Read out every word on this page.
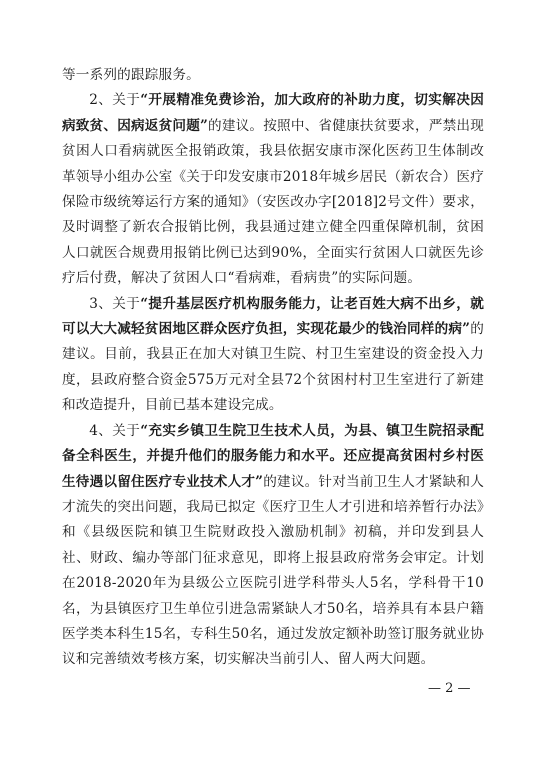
等一系列的跟踪服务。

2、关于“开展精准免费诊治，加大政府的补助力度，切实解决因病致贫、因病返贫问题”的建议。按照中、省健康扶贫要求，严禁出现贫困人口看病就医全报销政策，我县依据安康市深化医药卫生体制改革领导小组办公室《关于印发安康市2018年城乡居民（新农合）医疗保险市级统筹运行方案的通知》（安医改办字[2018]2号文件）要求，及时调整了新农合报销比例，我县通过建立健全四重保障机制，贫困人口就医合规费用报销比例已达到90%，全面实行贫困人口就医先诊疗后付费，解决了贫困人口“看病难，看病贵”的实际问题。

3、关于“提升基层医疗机构服务能力，让老百姓大病不出乡，就可以大大减轻贫困地区群众医疗负担，实现花最少的钱治同样的病”的建议。目前，我县正在加大对镇卫生院、村卫生室建设的资金投入力度，县政府整合资金575万元对全县72个贫困村村卫生室进行了新建和改造提升，目前已基本建设完成。

4、关于“充实乡镇卫生院卫生技术人员，为县、镇卫生院招录配备全科医生，并提升他们的服务能力和水平。还应提高贫困村乡村医生待遇以留住医疗专业技术人才”的建议。针对当前卫生人才紧缺和人才流失的突出问题，我局已拟定《医疗卫生人才引进和培养暂行办法》和《县级医院和镇卫生院财政投入激励机制》初稿，并印发到县人社、财政、编办等部门征求意见，即将上报县政府常务会审定。计划在2018-2020年为县级公立医院引进学科带头人5名，学科骨干10名，为县镇医疗卫生单位引进急需紧缺人才50名，培养具有本县户籍医学类本科生15名，专科生50名，通过发放定额补助签订服务就业协议和完善绩效考核方案，切实解决当前引人、留人两大问题。

— 2 —
